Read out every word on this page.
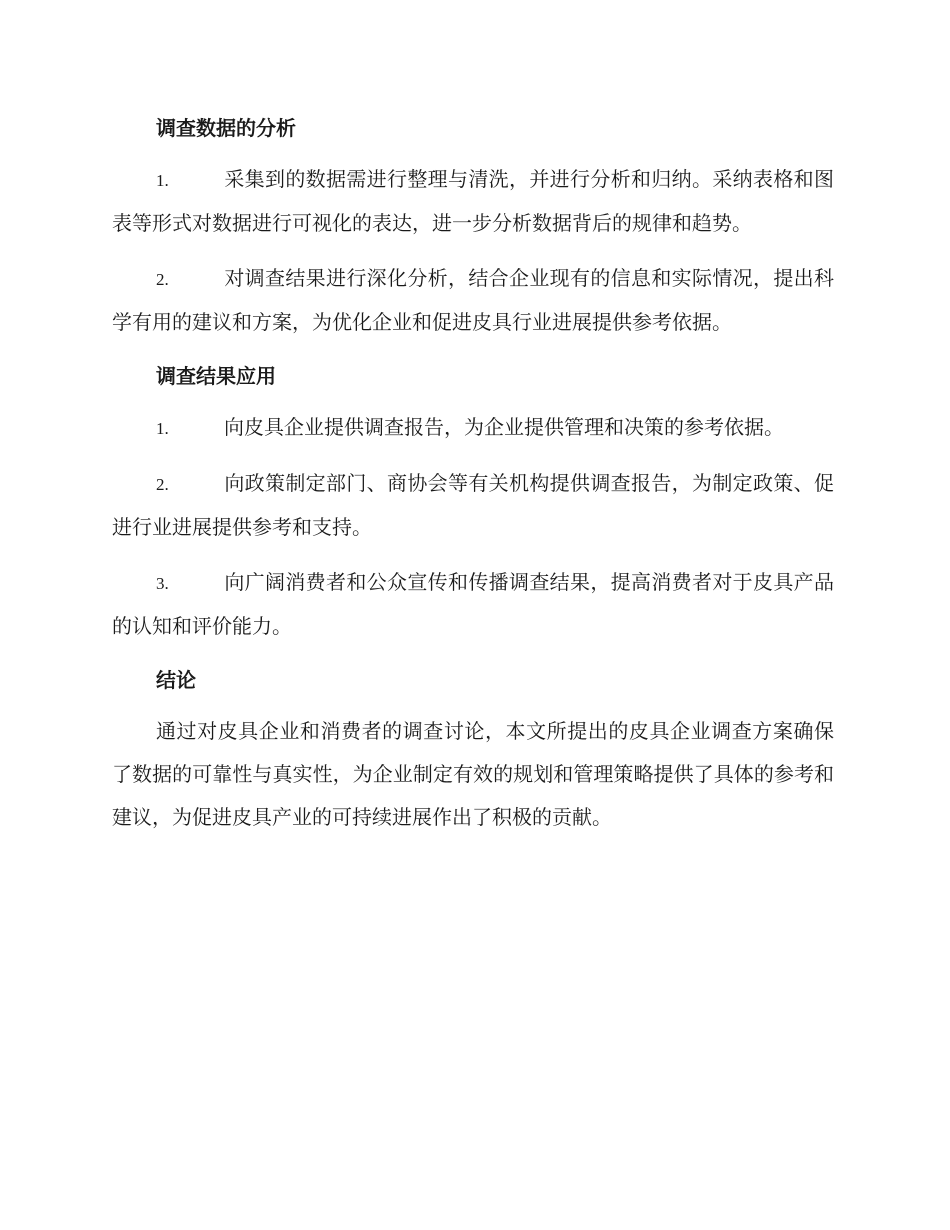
调查数据的分析

1.	采集到的数据需进行整理与清洗，并进行分析和归纳。采纳表格和图表等形式对数据进行可视化的表达，进一步分析数据背后的规律和趋势。

2.	对调查结果进行深化分析，结合企业现有的信息和实际情况，提出科学有用的建议和方案，为优化企业和促进皮具行业进展提供参考依据。

调查结果应用

1.	向皮具企业提供调查报告，为企业提供管理和决策的参考依据。

2.	向政策制定部门、商协会等有关机构提供调查报告，为制定政策、促进行业进展提供参考和支持。

3.	向广阔消费者和公众宣传和传播调查结果，提高消费者对于皮具产品的认知和评价能力。

结论

通过对皮具企业和消费者的调查讨论，本文所提出的皮具企业调查方案确保了数据的可靠性与真实性，为企业制定有效的规划和管理策略提供了具体的参考和建议，为促进皮具产业的可持续进展作出了积极的贡献。
